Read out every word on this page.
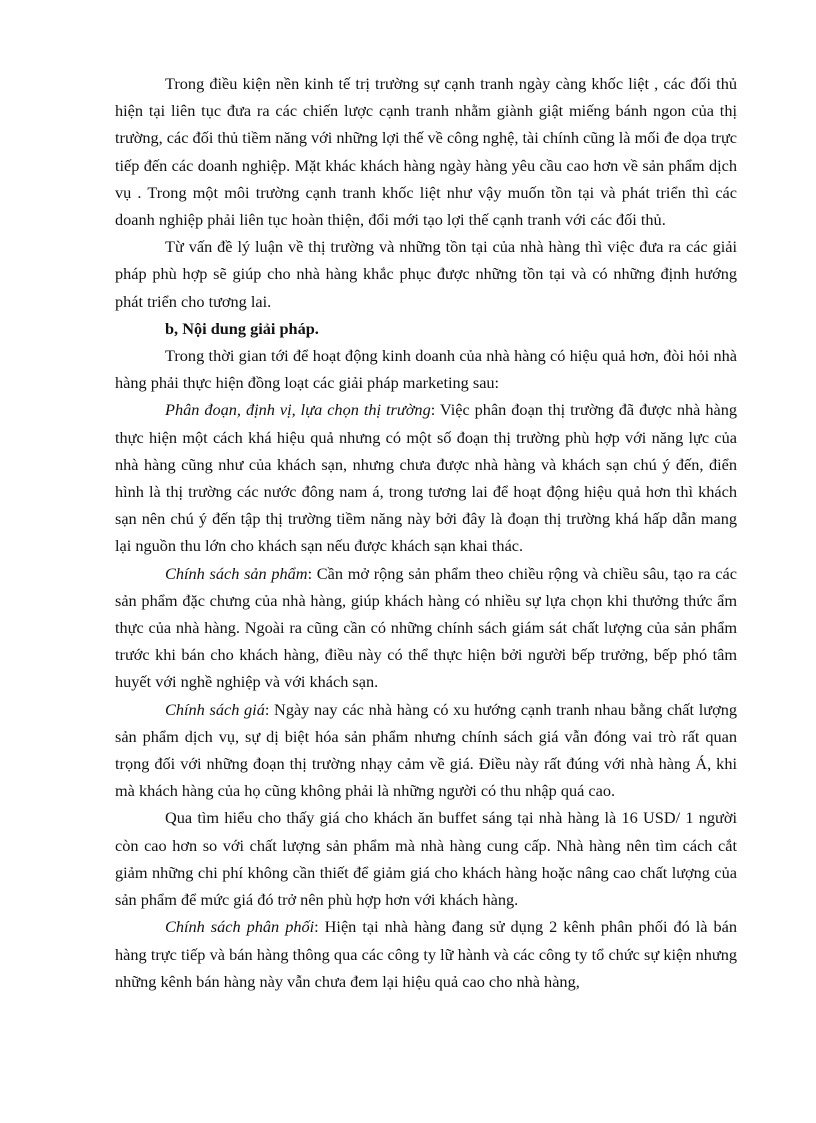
Trong điều kiện nền kinh tế trị trường sự cạnh tranh ngày càng khốc liệt , các đối thủ hiện tại liên tục đưa ra các chiến lược cạnh tranh nhằm giành giật miếng bánh ngon của thị trường, các đối thủ tiềm năng với những lợi thế về công nghệ, tài chính cũng là mối đe dọa trực tiếp đến các doanh nghiệp. Mặt khác khách hàng ngày hàng yêu cầu cao hơn về sản phẩm dịch vụ . Trong một môi trường cạnh tranh khốc liệt như vậy muốn tồn tại và phát triển thì các doanh nghiệp phải liên tục hoàn thiện, đổi mới tạo lợi thế cạnh tranh với các đối thủ.

Từ vấn đề lý luận về thị trường và những tồn tại của nhà hàng thì việc đưa ra các giải pháp phù hợp sẽ giúp cho nhà hàng khắc phục được những tồn tại và có những định hướng phát triển cho tương lai.

b, Nội dung giải pháp.

Trong thời gian tới để hoạt động kinh doanh của nhà hàng có hiệu quả hơn, đòi hỏi nhà hàng phải thực hiện đồng loạt các giải pháp marketing sau:

Phân đoạn, định vị, lựa chọn thị trường: Việc phân đoạn thị trường đã được nhà hàng thực hiện một cách khá hiệu quả nhưng có một số đoạn thị trường phù hợp với năng lực của nhà hàng cũng như của khách sạn, nhưng chưa được nhà hàng và khách sạn chú ý đến, điển hình là thị trường các nước đông nam á, trong tương lai để hoạt động hiệu quả hơn thì khách sạn nên chú ý đến tập thị trường tiềm năng này bởi đây là đoạn thị trường khá hấp dẫn mang lại nguồn thu lớn cho khách sạn nếu được khách sạn khai thác.

Chính sách sản phẩm: Cần mở rộng sản phẩm theo chiều rộng và chiều sâu, tạo ra các sản phẩm đặc chưng của nhà hàng, giúp khách hàng có nhiều sự lựa chọn khi thưởng thức ẩm thực của nhà hàng. Ngoài ra cũng cần có những chính sách giám sát chất lượng của sản phẩm trước khi bán cho khách hàng, điều này có thể thực hiện bởi người bếp trưởng, bếp phó tâm huyết với nghề nghiệp và với khách sạn.

Chính sách giá: Ngày nay các nhà hàng có xu hướng cạnh tranh nhau bằng chất lượng sản phẩm dịch vụ, sự dị biệt hóa sản phẩm nhưng chính sách giá vẫn đóng vai trò rất quan trọng đối với những đoạn thị trường nhạy cảm về giá. Điều này rất đúng với nhà hàng Á, khi mà khách hàng của họ cũng không phải là những người có thu nhập quá cao.

Qua tìm hiểu cho thấy giá cho khách ăn buffet sáng tại nhà hàng là 16 USD/ 1 người còn cao hơn so với chất lượng sản phẩm mà nhà hàng cung cấp. Nhà hàng nên tìm cách cắt giảm những chi phí không cần thiết để giảm giá cho khách hàng hoặc nâng cao chất lượng của sản phẩm để mức giá đó trở nên phù hợp hơn với khách hàng.

Chính sách phân phối: Hiện tại nhà hàng đang sử dụng 2 kênh phân phối đó là bán hàng trực tiếp và bán hàng thông qua các công ty lữ hành và các công ty tổ chức sự kiện nhưng những kênh bán hàng này vẫn chưa đem lại hiệu quả cao cho nhà hàng,
